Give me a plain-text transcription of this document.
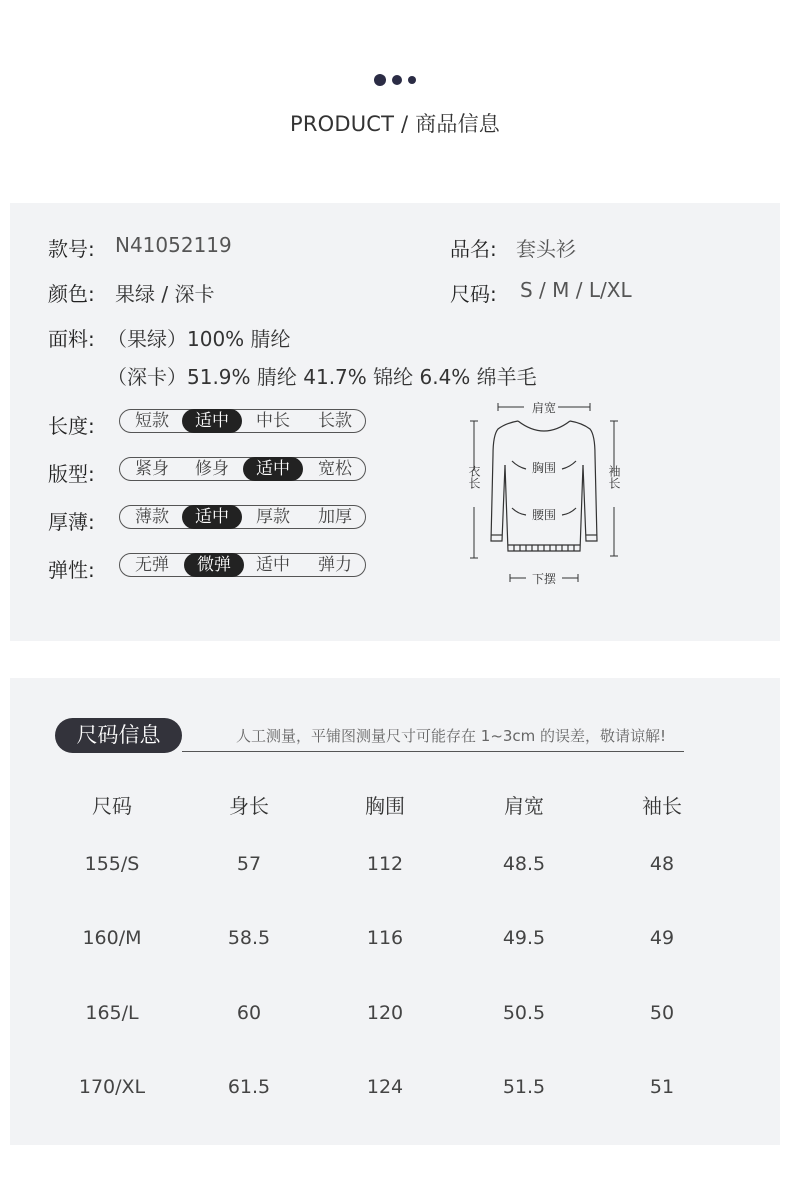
PRODUCT / 商品信息
款号: N41052119	品名: 套头衫
颜色: 果绿 / 深卡	尺码: S / M / L/XL
面料: （果绿）100% 腈纶
（深卡）51.9% 腈纶 41.7% 锦纶 6.4% 绵羊毛
长度:	短款	适中	中长	长款
版型:	紧身	修身	适中	宽松
厚薄:	薄款	适中	厚款	加厚
弹性:	无弹	微弹	适中	弹力
肩宽
胸围
腰围
衣长	袖长
下摆
尺码信息	人工测量，平铺图测量尺寸可能存在 1~3cm 的误差，敬请谅解!
尺码	身长	胸围	肩宽	袖长
155/S	57	112	48.5	48
160/M	58.5	116	49.5	49
165/L	60	120	50.5	50
170/XL	61.5	124	51.5	51
